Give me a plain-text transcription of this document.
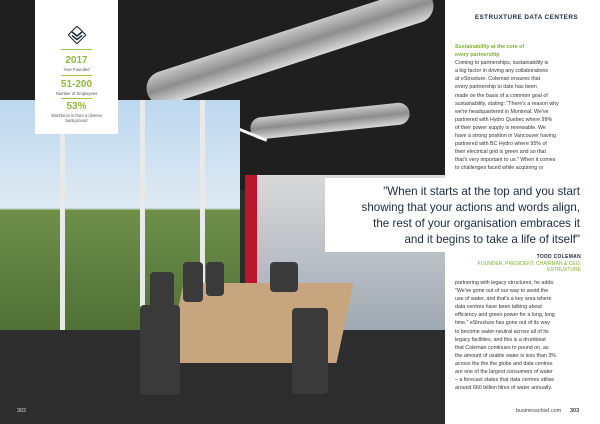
2017
Year Founded
51-200
Number of Employees
53%
Workforce is from a diverse background
ESTRUXTURE DATA CENTERS

Sustainability at the core of

every partnership

Coming to partnerships, sustainability is

a big factor in driving any collaborations

at eStruxture. Coleman ensures that

every partnership to date has been

made on the basis of a common goal of

sustainability, stating: "There's a reason why

we're headquartered in Montreal. We've

partnered with Hydro Quebec where 99%

of their power supply is renewable. We

have a strong position in Vancouver having

partnered with BC Hydro where 95% of

their electrical grid is green and so that

that's very important to us." When it comes

to challenges faced while acquiring or

"When it starts at the top and you start
showing that your actions and words align,
the rest of your organisation embraces it
and it begins to take a life of itself"
TODD COLEMAN
FOUNDER, PRESIDENT, CHAIRMAN & CEO,
ESTRUXTURE

partnering with legacy structures, he adds:

"We've gone out of our way to avoid the

use of water, and that's a key area where

data centres have been talking about

efficiency and green power for a long, long

time." eStruxture has gone out of its way

to become water-neutral across all of its

legacy facilities, and this is a drumbeat

that Coleman continues to pound on, as

the amount of usable water is less than 3%

across the the the globe and data centres

are one of the largest consumers of water

– a forecast states that data centres utilise

around 660 billion litres of water annually.

302	businesschief.com 303
